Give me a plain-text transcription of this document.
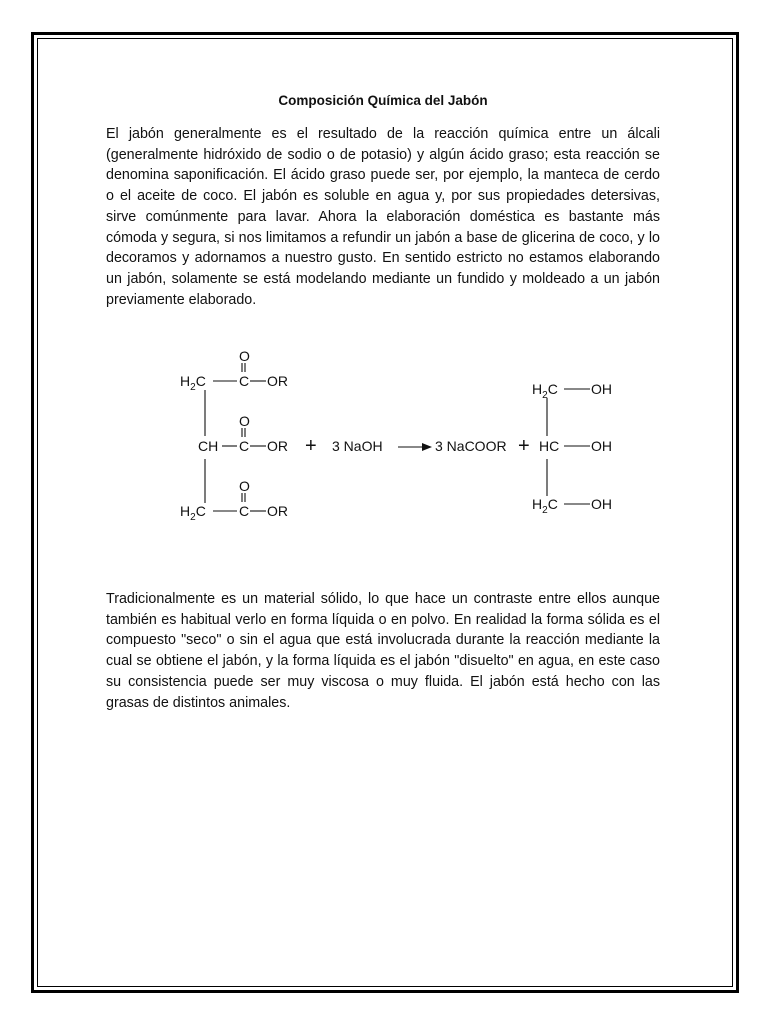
Composición Química del Jabón

El jabón generalmente es el resultado de la reacción química entre un álcali (generalmente hidróxido de sodio o de potasio) y algún ácido graso; esta reacción se denomina saponificación. El ácido graso puede ser, por ejemplo, la manteca de cerdo o el aceite de coco. El jabón es soluble en agua y, por sus propiedades detersivas, sirve comúnmente para lavar. Ahora la elaboración doméstica es bastante más cómoda y segura, si nos limitamos a refundir un jabón a base de glicerina de coco, y lo decoramos y adornamos a nuestro gusto. En sentido estricto no estamos elaborando un jabón, solamente se está modelando mediante un fundido y moldeado a un jabón previamente elaborado.

$H_2C$ C
O
OR
CH C
O
OR
$H_2C$ C
O
OR
+ 3 NaOH	3 NaCOOR +
$H_2C$ OH
HC OH
$H_2C$ OH

Tradicionalmente es un material sólido, lo que hace un contraste entre ellos aunque también es habitual verlo en forma líquida o en polvo. En realidad la forma sólida es el compuesto "seco" o sin el agua que está involucrada durante la reacción mediante la cual se obtiene el jabón, y la forma líquida es el jabón "disuelto" en agua, en este caso su consistencia puede ser muy viscosa o muy fluida. El jabón está hecho con las grasas de distintos animales.
